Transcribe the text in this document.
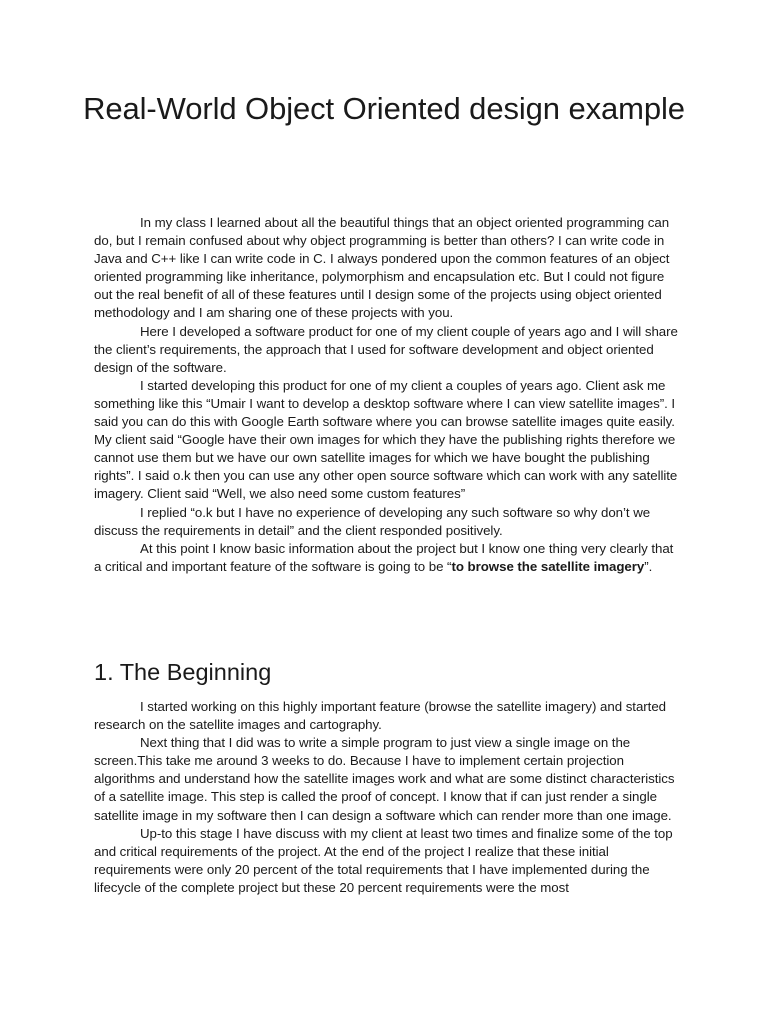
Real-World Object Oriented design example

In my class I learned about all the beautiful things that an object oriented programming can do, but I remain confused about why object programming is better than others? I can write code in Java and C++ like I can write code in C. I always pondered upon the common features of an object oriented programming like inheritance, polymorphism and encapsulation etc. But I could not figure out the real benefit of all of these features until I design some of the projects using object oriented methodology and I am sharing one of these projects with you.

Here I developed a software product for one of my client couple of years ago and I will share the client’s requirements, the approach that I used for software development and object oriented design of the software.

I started developing this product for one of my client a couples of years ago. Client ask me something like this “Umair I want to develop a desktop software where I can view satellite images”. I said you can do this with Google Earth software where you can browse satellite images quite easily. My client said “Google have their own images for which they have the publishing rights therefore we cannot use them but we have our own satellite images for which we have bought the publishing rights”. I said o.k then you can use any other open source software which can work with any satellite imagery. Client said “Well, we also need some custom features”

I replied “o.k but I have no experience of developing any such software so why don’t we discuss the requirements in detail” and the client responded positively.

At this point I know basic information about the project but I know one thing very clearly that a critical and important feature of the software is going to be “to browse the satellite imagery”.

1. The Beginning

I started working on this highly important feature (browse the satellite imagery) and started research on the satellite images and cartography.

Next thing that I did was to write a simple program to just view a single image on the screen.This take me around 3 weeks to do. Because I have to implement certain projection algorithms and understand how the satellite images work and what are some distinct characteristics of a satellite image. This step is called the proof of concept. I know that if can just render a single satellite image in my software then I can design a software which can render more than one image.

Up-to this stage I have discuss with my client at least two times and finalize some of the top and critical requirements of the project. At the end of the project I realize that these initial requirements were only 20 percent of the total requirements that I have implemented during the lifecycle of the complete project but these 20 percent requirements were the most
